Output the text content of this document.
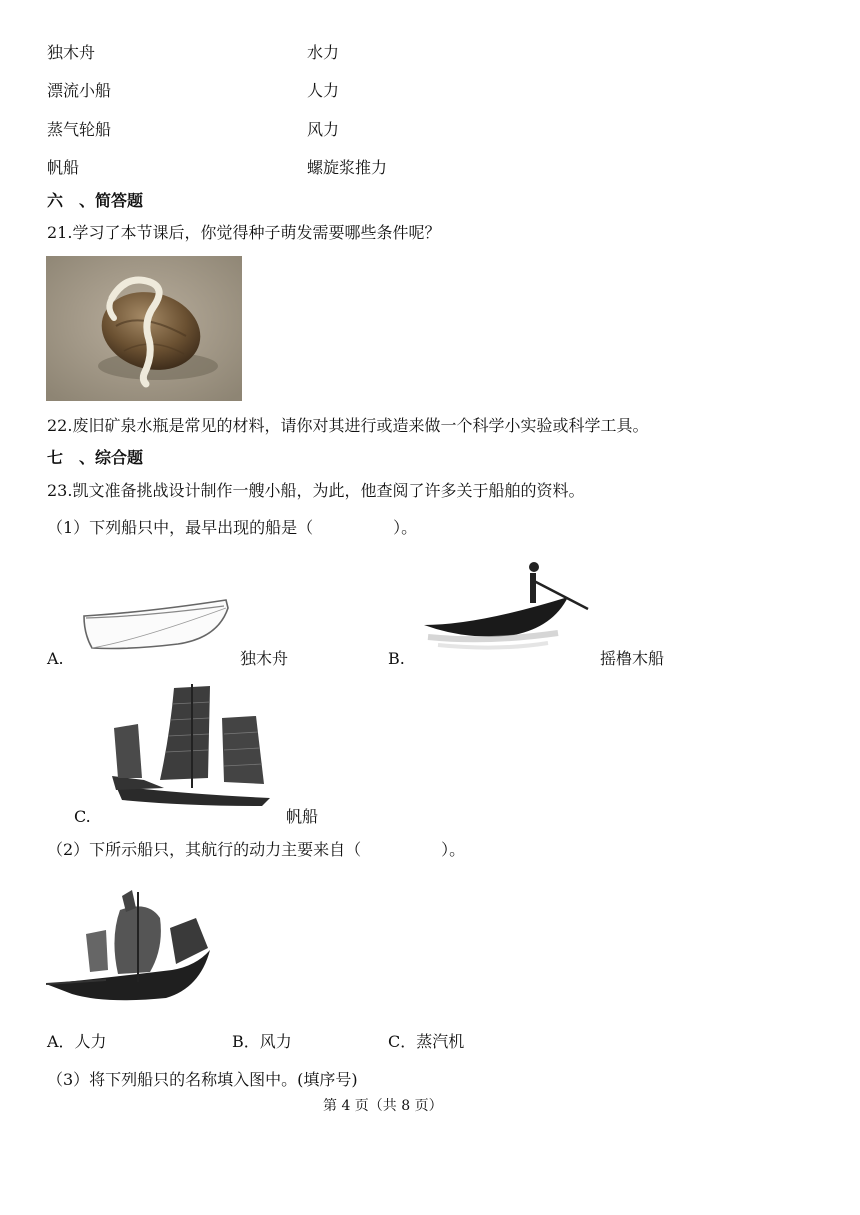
独木舟	水力
漂流小船	人力
蒸气轮船	风力
帆船	螺旋浆推力
六　、简答题
21.学习了本节课后，你觉得种子萌发需要哪些条件呢？
22.废旧矿泉水瓶是常见的材料，请你对其进行或造来做一个科学小实验或科学工具。
七　、综合题
23.凯文准备挑战设计制作一艘小船，为此，他查阅了许多关于船舶的资料。
（1）下列船只中，最早出现的船是（　　　　　）。
A.	独木舟	B.	摇橹木船
C.	帆船
（2）下所示船只，其航行的动力主要来自（　　　　　）。
A．人力	B．风力	C．蒸汽机
（3）将下列船只的名称填入图中。(填序号)
第 4 页（共 8 页）
